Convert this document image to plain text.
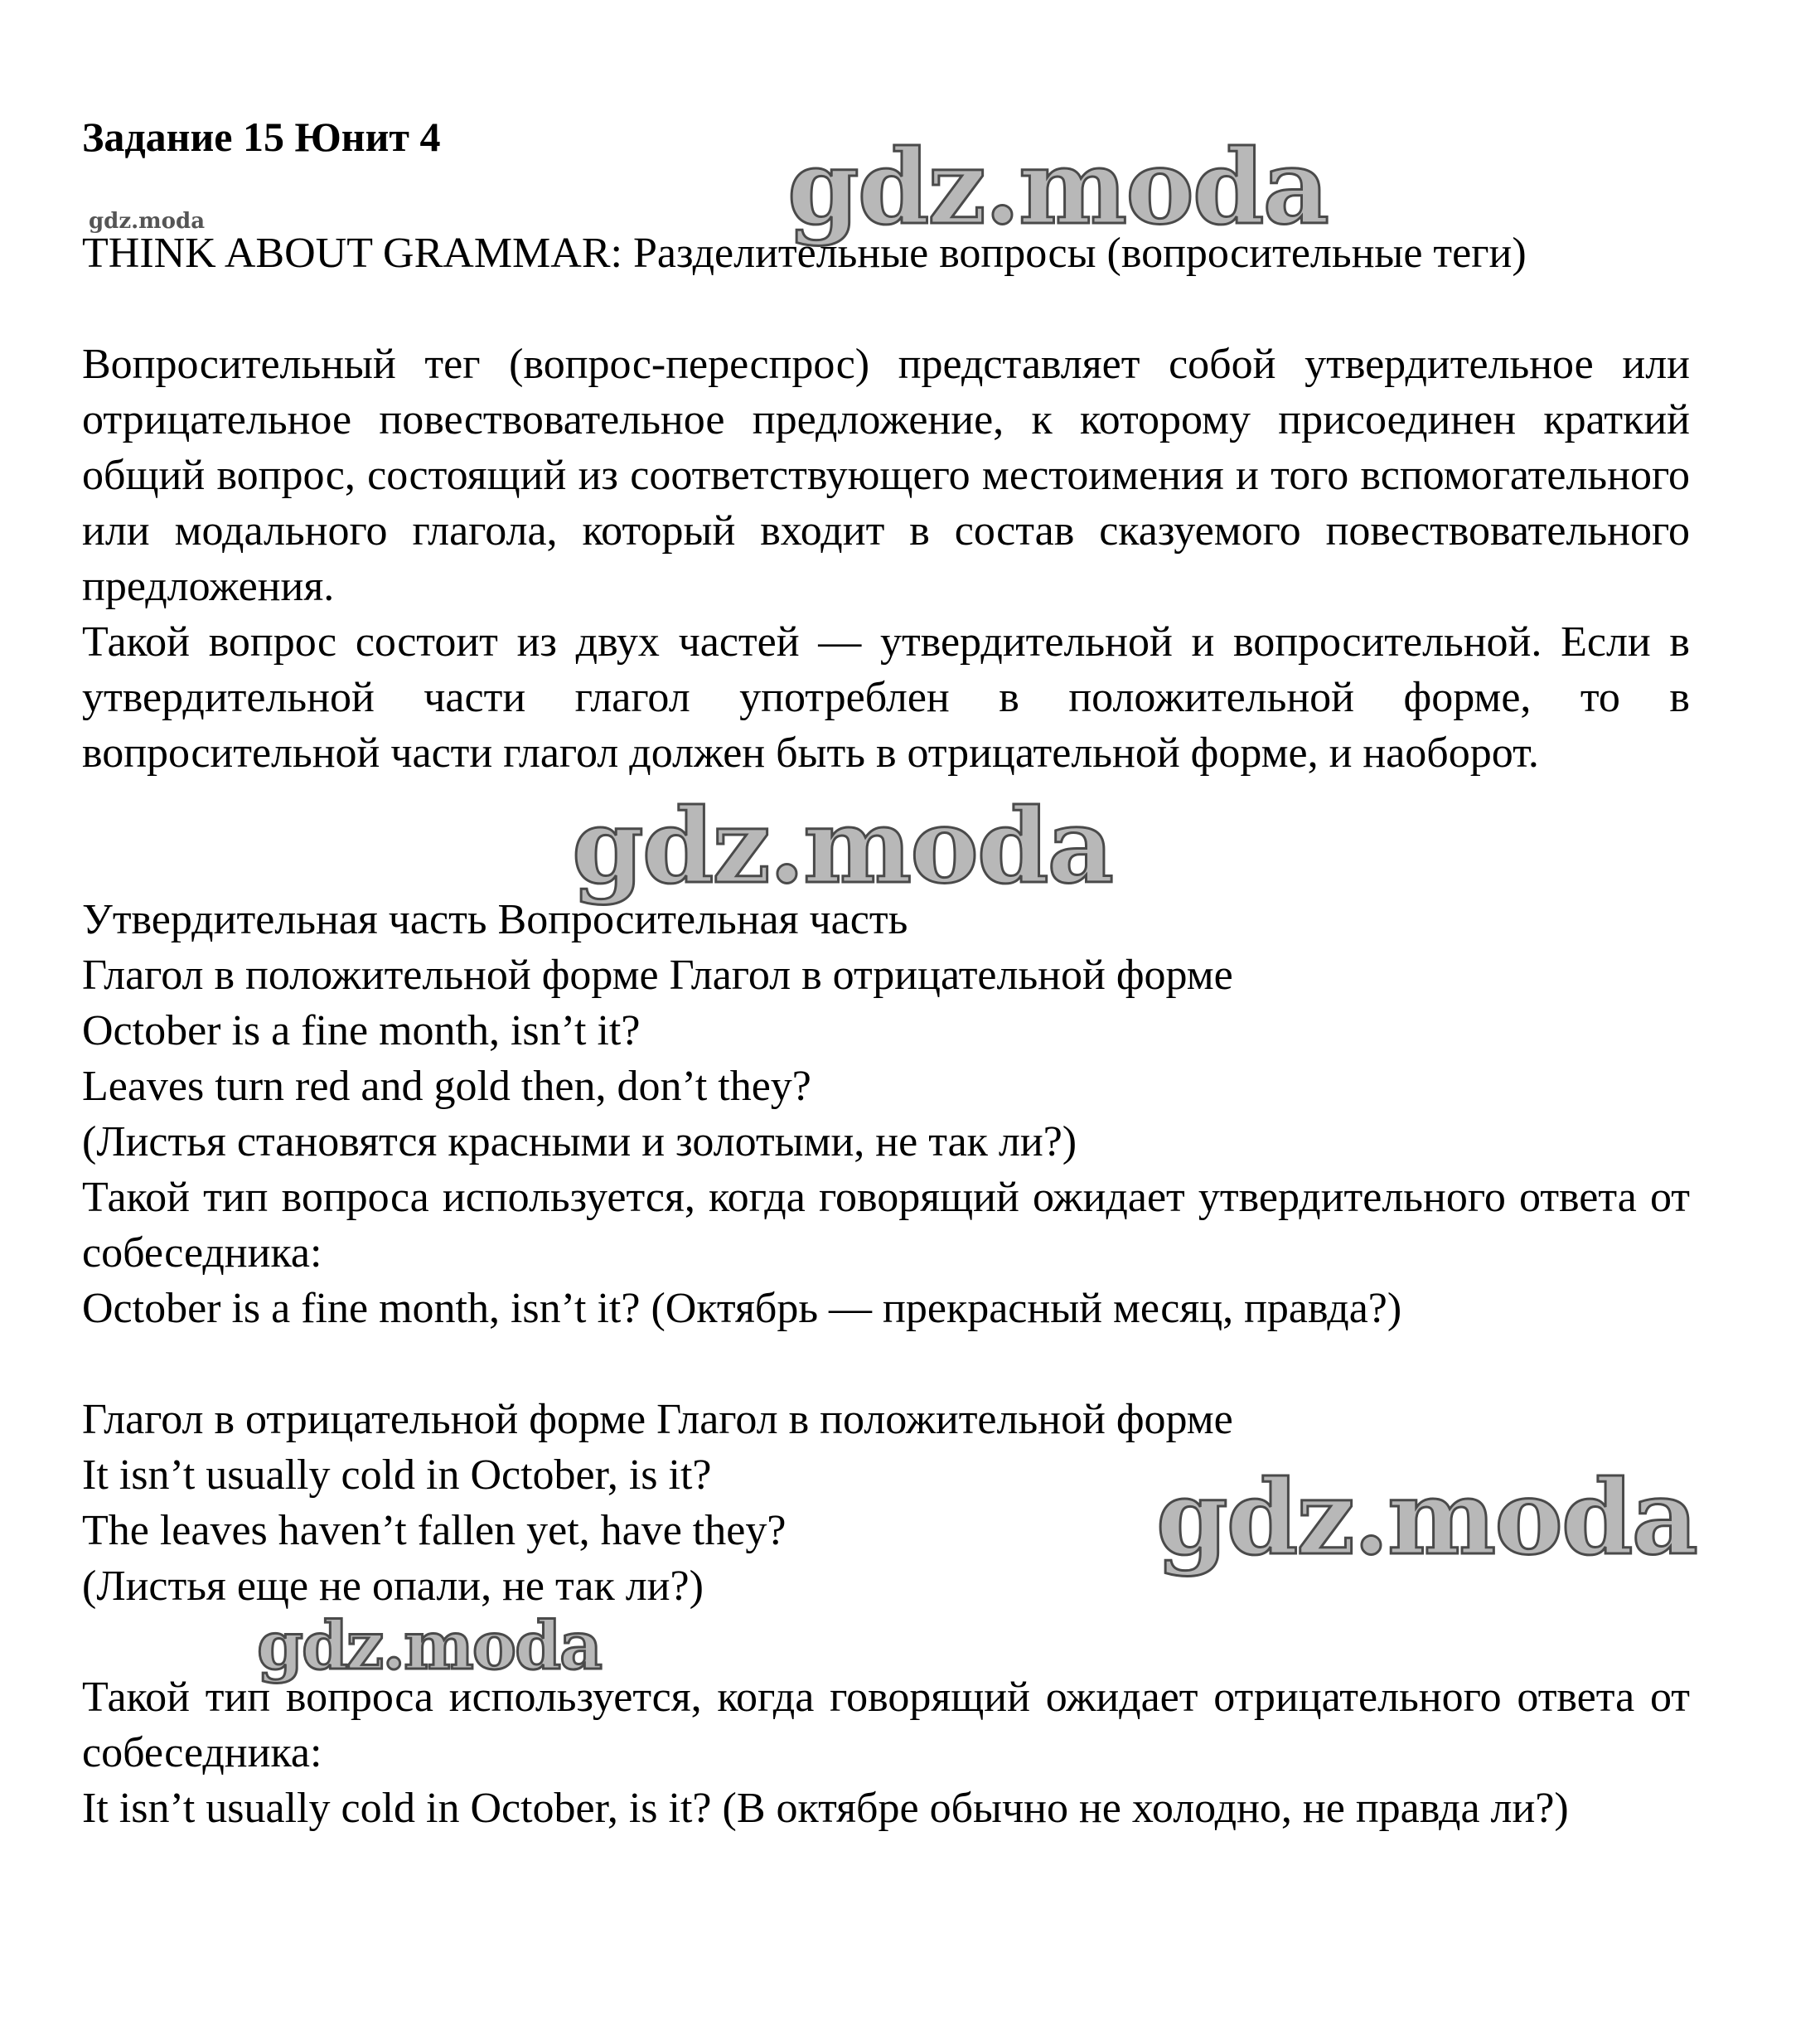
Задание 15 Юнит 4	gdz.moda
gdz.moda
gdz.moda
gdz.moda
gdz.moda
THINK ABOUT GRAMMAR: Разделительные вопросы (вопросительные теги)
Вопросительный тег (вопрос-переспрос) представляет собой утвердительное или отрицательное повествовательное предложение, к которому присоединен краткий общий вопрос, состоящий из соответствующего местоимения и того вспомогательного или модального глагола, который входит в состав сказуемого повествовательного предложения.
Такой вопрос состоит из двух частей — утвердительной и вопросительной. Если в утвердительной части глагол употреблен в положительной форме, то в вопросительной части глагол должен быть в отрицательной форме, и наоборот.
Утвердительная часть Вопросительная часть
Глагол в положительной форме Глагол в отрицательной форме
October is a fine month, isn’t it?
Leaves turn red and gold then, don’t they?
(Листья становятся красными и золотыми, не так ли?)
Такой тип вопроса используется, когда говорящий ожидает утвердительного ответа от собеседника:
October is a fine month, isn’t it? (Октябрь — прекрасный месяц, правда?)
Глагол в отрицательной форме Глагол в положительной форме
It isn’t usually cold in October, is it?
The leaves haven’t fallen yet, have they?
(Листья еще не опали, не так ли?)
Такой тип вопроса используется, когда говорящий ожидает отрицательного ответа от собеседника:
It isn’t usually cold in October, is it? (В октябре обычно не холодно, не правда ли?)
